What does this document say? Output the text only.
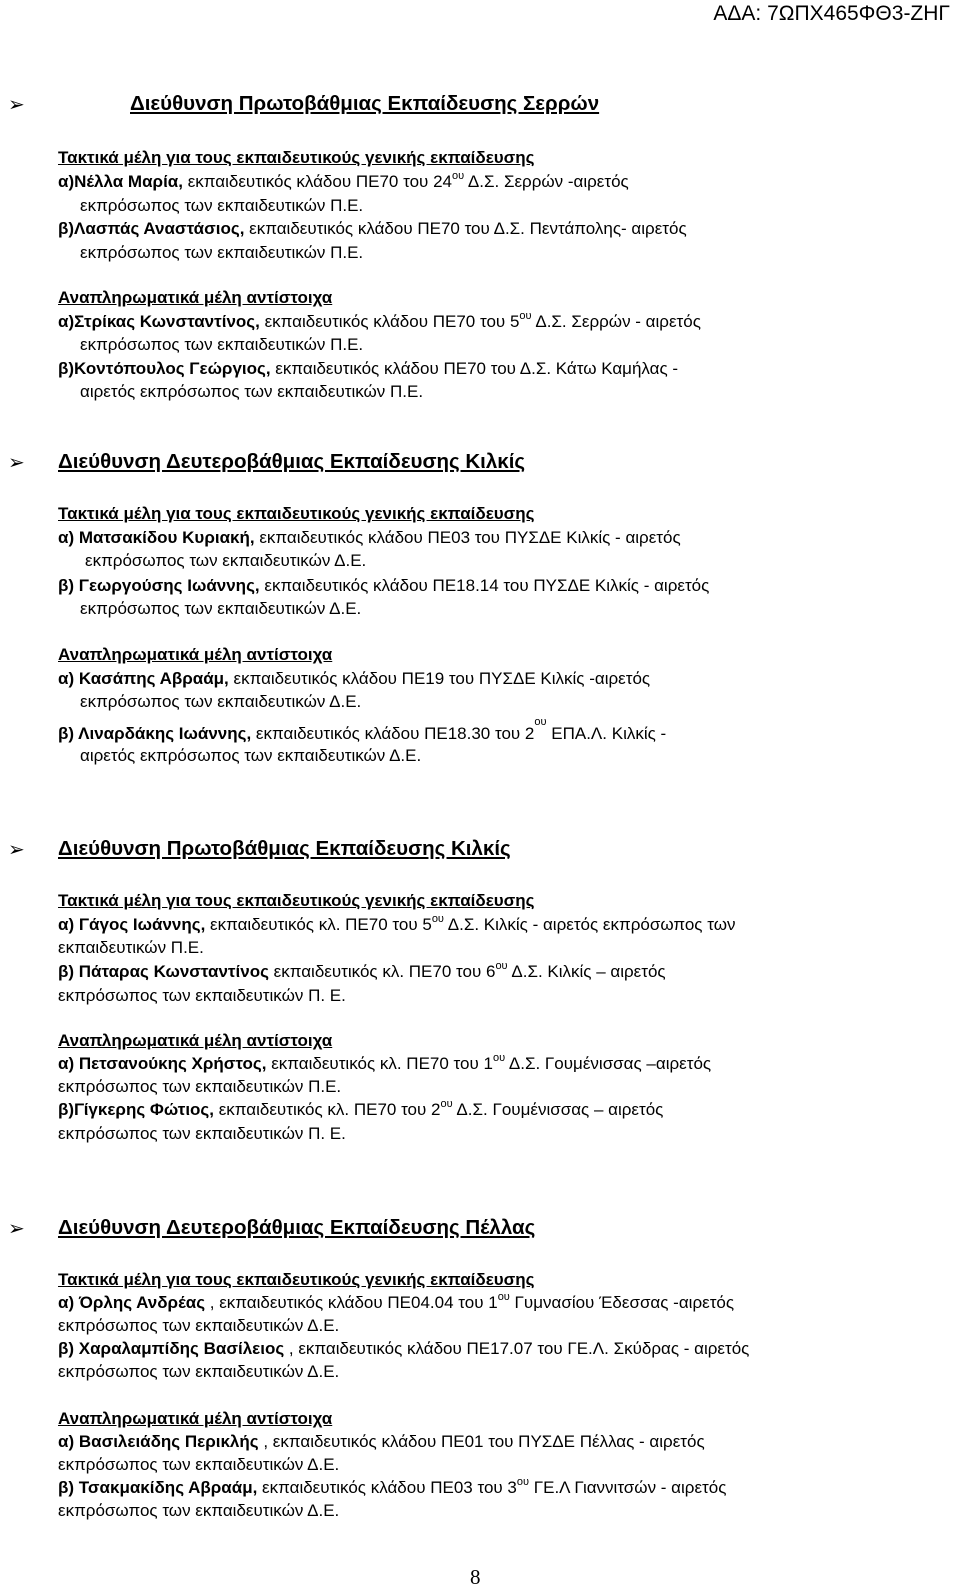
ΑΔΑ: 7ΩΠΧ465ΦΘ3-ΖΗΓ
➢	Διεύθυνση Πρωτοβάθμιας Εκπαίδευσης Σερρών
Τακτικά μέλη για τους εκπαιδευτικούς γενικής εκπαίδευσης
α)Νέλλα Μαρία, εκπαιδευτικός κλάδου ΠΕ70 του $24^{o\upsilon}$ Δ.Σ. Σερρών -αιρετός
εκπρόσωπος των εκπαιδευτικών Π.Ε.
β)Λασπάς Αναστάσιος, εκπαιδευτικός κλάδου ΠΕ70 του Δ.Σ. Πεντάπολης- αιρετός
εκπρόσωπος των εκπαιδευτικών Π.Ε.
Αναπληρωματικά μέλη αντίστοιχα
α)Στρίκας Κωνσταντίνος, εκπαιδευτικός κλάδου ΠΕ70 του $5^{o\upsilon}$ Δ.Σ. Σερρών - αιρετός
εκπρόσωπος των εκπαιδευτικών Π.Ε.
β)Κοντόπουλος Γεώργιος, εκπαιδευτικός κλάδου ΠΕ70 του Δ.Σ. Κάτω Καμήλας -
αιρετός εκπρόσωπος των εκπαιδευτικών Π.Ε.
➢ Διεύθυνση Δευτεροβάθμιας Εκπαίδευσης Κιλκίς
Τακτικά μέλη για τους εκπαιδευτικούς γενικής εκπαίδευσης
α) Ματσακίδου Κυριακή, εκπαιδευτικός κλάδου ΠΕ03 του ΠΥΣΔΕ Κιλκίς - αιρετός
εκπρόσωπος των εκπαιδευτικών Δ.Ε.
β) Γεωργούσης Ιωάννης, εκπαιδευτικός κλάδου ΠΕ18.14 του ΠΥΣΔΕ Κιλκίς - αιρετός
εκπρόσωπος των εκπαιδευτικών Δ.Ε.
Αναπληρωματικά μέλη αντίστοιχα
α) Κασάπης Αβραάμ, εκπαιδευτικός κλάδου ΠΕ19 του ΠΥΣΔΕ Κιλκίς -αιρετός
εκπρόσωπος των εκπαιδευτικών Δ.Ε.
β) Λιναρδάκης Ιωάννης, εκπαιδευτικός κλάδου ΠΕ18.30 του $2^{o\upsilon}$ ΕΠΑ.Λ. Κιλκίς -
αιρετός εκπρόσωπος των εκπαιδευτικών Δ.Ε.
➢ Διεύθυνση Πρωτοβάθμιας Εκπαίδευσης Κιλκίς
Τακτικά μέλη για τους εκπαιδευτικούς γενικής εκπαίδευσης
α) Γάγος Ιωάννης, εκπαιδευτικός κλ. ΠΕ70 του $5^{o\upsilon}$ Δ.Σ. Κιλκίς - αιρετός εκπρόσωπος των
εκπαιδευτικών Π.Ε.
β) Πάταρας Κωνσταντίνος εκπαιδευτικός κλ. ΠΕ70 του $6^{o\upsilon}$ Δ.Σ. Κιλκίς – αιρετός
εκπρόσωπος των εκπαιδευτικών Π. Ε.
Αναπληρωματικά μέλη αντίστοιχα
α) Πετσανούκης Χρήστος, εκπαιδευτικός κλ. ΠΕ70 του $1^{o\upsilon}$ Δ.Σ. Γουμένισσας –αιρετός
εκπρόσωπος των εκπαιδευτικών Π.Ε.
β)Γίγκερης Φώτιος, εκπαιδευτικός κλ. ΠΕ70 του $2^{o\upsilon}$ Δ.Σ. Γουμένισσας – αιρετός
εκπρόσωπος των εκπαιδευτικών Π. Ε.
➢ Διεύθυνση Δευτεροβάθμιας Εκπαίδευσης Πέλλας
Τακτικά μέλη για τους εκπαιδευτικούς γενικής εκπαίδευσης
α) Όρλης Ανδρέας , εκπαιδευτικός κλάδου ΠΕ04.04 του $1^{o\upsilon}$ Γυμνασίου Έδεσσας -αιρετός
εκπρόσωπος των εκπαιδευτικών Δ.Ε.
β) Χαραλαμπίδης Βασίλειος , εκπαιδευτικός κλάδου ΠΕ17.07 του ΓΕ.Λ. Σκύδρας - αιρετός
εκπρόσωπος των εκπαιδευτικών Δ.Ε.
Αναπληρωματικά μέλη αντίστοιχα
α) Βασιλειάδης Περικλής , εκπαιδευτικός κλάδου ΠΕ01 του ΠΥΣΔΕ Πέλλας - αιρετός
εκπρόσωπος των εκπαιδευτικών Δ.Ε.
β) Τσακμακίδης Αβραάμ, εκπαιδευτικός κλάδου ΠΕ03 του $3^{o\upsilon}$ ΓΕ.Λ Γιαννιτσών - αιρετός
εκπρόσωπος των εκπαιδευτικών Δ.Ε.
8
